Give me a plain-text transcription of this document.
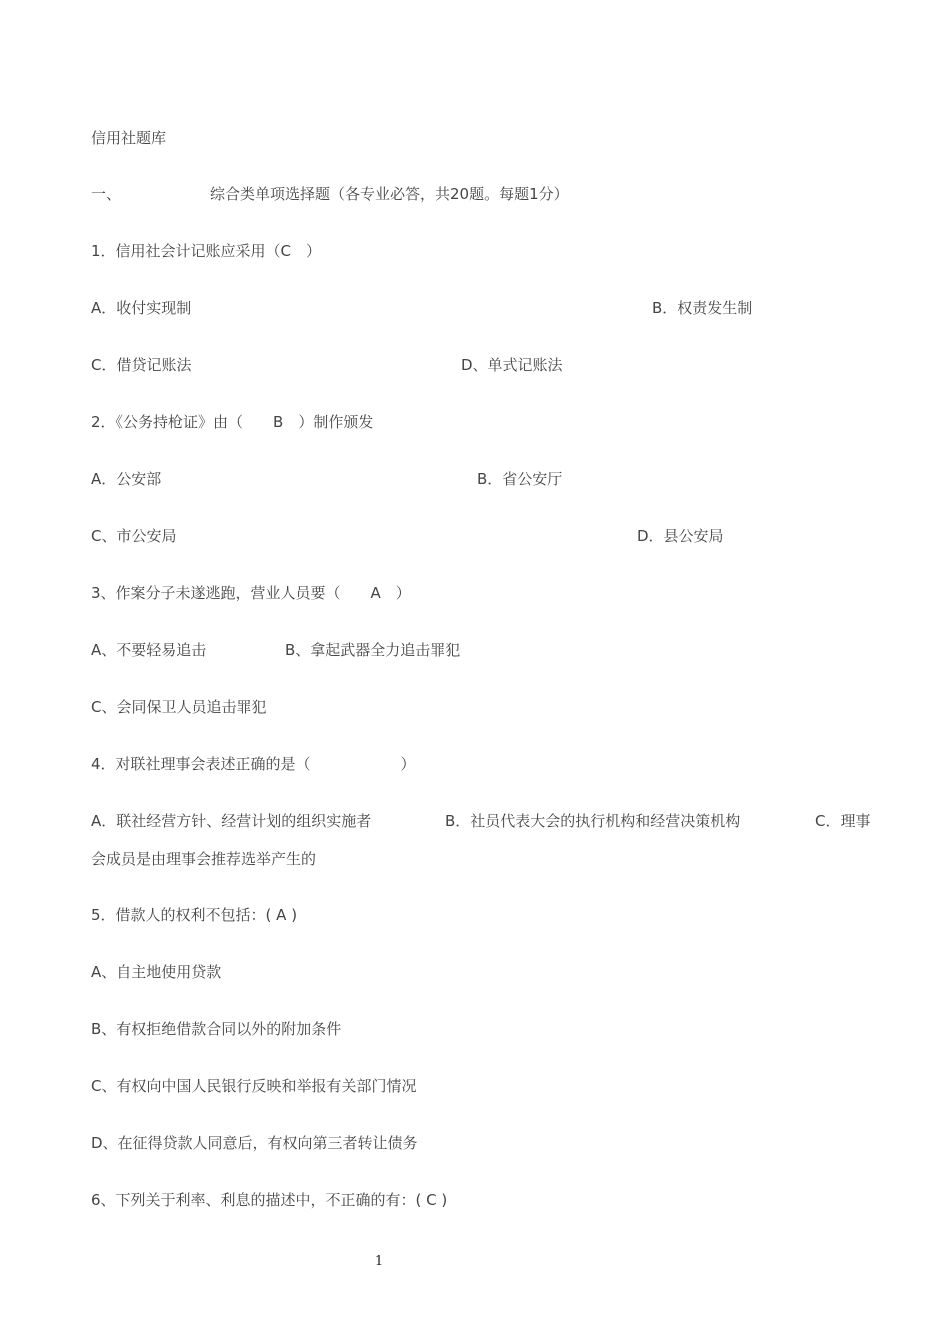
信用社题库
一、	综合类单项选择题（各专业必答，共20题。每题1分）
1．信用社会计记账应采用（C　）
A．收付实现制	B．权责发生制
C．借贷记账法	D、单式记账法
2．《公务持枪证》由（　　B　）制作颁发
A．公安部	B．省公安厅
C、市公安局	D．县公安局
3、作案分子未遂逃跑，营业人员要（　　A　）
A、不要轻易追击	B、拿起武器全力追击罪犯
C、会同保卫人员追击罪犯
4．对联社理事会表述正确的是（　　　　　　）
A．联社经营方针、经营计划的组织实施者	B．社员代表大会的执行机构和经营决策机构	C．理事
会成员是由理事会推荐选举产生的
5．借款人的权利不包括：( A )
A、自主地使用贷款
B、有权拒绝借款合同以外的附加条件
C、有权向中国人民银行反映和举报有关部门情况
D、在征得贷款人同意后，有权向第三者转让债务
6、下列关于利率、利息的描述中，不正确的有：( C )
1
